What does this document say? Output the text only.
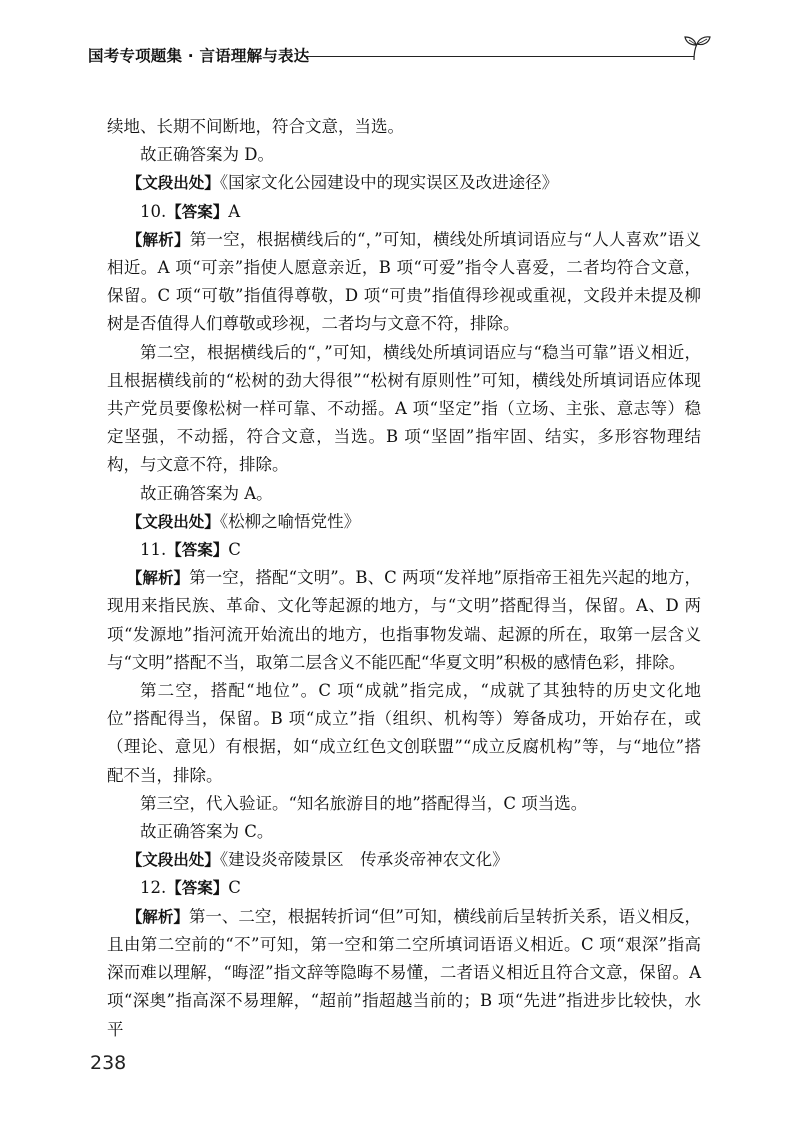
国考专项题集 · 言语理解与表达

续地、长期不间断地，符合文意，当选。

故正确答案为 D。

【文段出处】《国家文化公园建设中的现实误区及改进途径》

10.【答案】A

【解析】第一空，根据横线后的“，”可知，横线处所填词语应与“人人喜欢”语义相近。A 项“可亲”指使人愿意亲近，B 项“可爱”指令人喜爱，二者均符合文意，保留。C 项“可敬”指值得尊敬，D 项“可贵”指值得珍视或重视，文段并未提及柳树是否值得人们尊敬或珍视，二者均与文意不符，排除。

第二空，根据横线后的“，”可知，横线处所填词语应与“稳当可靠”语义相近，且根据横线前的“松树的劲大得很”“松树有原则性”可知，横线处所填词语应体现共产党员要像松树一样可靠、不动摇。A 项“坚定”指（立场、主张、意志等）稳定坚强，不动摇，符合文意，当选。B 项“坚固”指牢固、结实，多形容物理结构，与文意不符，排除。

故正确答案为 A。

【文段出处】《松柳之喻悟党性》

11.【答案】C

【解析】第一空，搭配“文明”。B、C 两项“发祥地”原指帝王祖先兴起的地方，现用来指民族、革命、文化等起源的地方，与“文明”搭配得当，保留。A、D 两项“发源地”指河流开始流出的地方，也指事物发端、起源的所在，取第一层含义与“文明”搭配不当，取第二层含义不能匹配“华夏文明”积极的感情色彩，排除。

第二空，搭配“地位”。C 项“成就”指完成，“成就了其独特的历史文化地位”搭配得当，保留。B 项“成立”指（组织、机构等）筹备成功，开始存在，或（理论、意见）有根据，如“成立红色文创联盟”“成立反腐机构”等，与“地位”搭配不当，排除。

第三空，代入验证。“知名旅游目的地”搭配得当，C 项当选。

故正确答案为 C。

【文段出处】《建设炎帝陵景区　传承炎帝神农文化》

12.【答案】C

【解析】第一、二空，根据转折词“但”可知，横线前后呈转折关系，语义相反，且由第二空前的“不”可知，第一空和第二空所填词语语义相近。C 项“艰深”指高深而难以理解，“晦涩”指文辞等隐晦不易懂，二者语义相近且符合文意，保留。A 项“深奥”指高深不易理解，“超前”指超越当前的；B 项“先进”指进步比较快，水平

238
